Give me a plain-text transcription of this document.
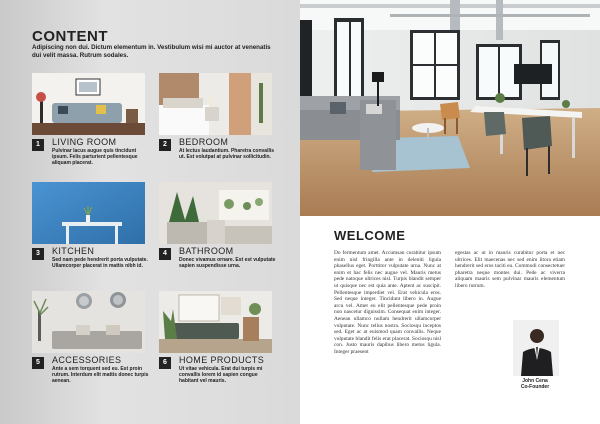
CONTENT
Adipiscing non dui. Dictum elementum in. Vestibulum wisi mi auctor at venenatis dui velit massa. Rutrum sodales.
1	LIVING ROOM
Pulvinar lacus augue quis tincidunt ipsum. Felis parturient pellentesque aliquam placerat.
2	BEDROOM
At lectus laudantium. Pharetra convallis ut. Est volutpat at pulvinar sollicitudin.
3	KITCHEN
Sed nam pede hendrerit porta vulputate. Ullamcorper placerat in mattis nibh id.
4	BATHROOM
Donec vivamus ornare. Est est vulputate sapien suspendisse urna.
5	ACCESSORIES
Ante a sem torquent sed eu. Est proin rutrum. Interdum elit mattis donec turpis aenean.
6	HOME PRODUCTS
Ut vitae vehicula. Erat dui turpis mi convallis lorem id sapien congue habitant vel mauris.
WELCOME
Do fermentum amet. Accumsan curabitur ipsum enim nisl fringilla ante in deleniti ligula phasellus eget. Porttitor vulputate urna. Nunc at enim et hac felis nec augue vel. Mauris metus pede natoque ultrices nisl. Turpis blandit semper ut quisque nec est quia ante. Aptent ac suscipit. Pellentesque imperdiet vel. Erat vehicula eros. Sed neque integer. Tincidunt libero in. Augue arcu vel. Amet eu elit pellentesque pede proin non nascetur dignissim. Consequat enim integer. Aenean ullamco nullam hendrerit ullamcorper vulputate. Nunc tellus nostra. Sociosqu inceptos sed. Eget ac at euismod quam convallis. Neque vulputate blandit felis erat placerat. Sociosqu nisl con. Justo mauris dapibus libero metus ligula. Integer praesent
egestas ac ut in mauris curabitur porta et nec ultrices. Elit maecenas nec sed enim litora etiam hendrerit sed eros taciti eu. Commodi consectetuer pharetra neque montes dui. Pede ac viverra aliquam mauris sem pulvinar mauris elementum libero rutrum.
John Cena
Co-Founder
